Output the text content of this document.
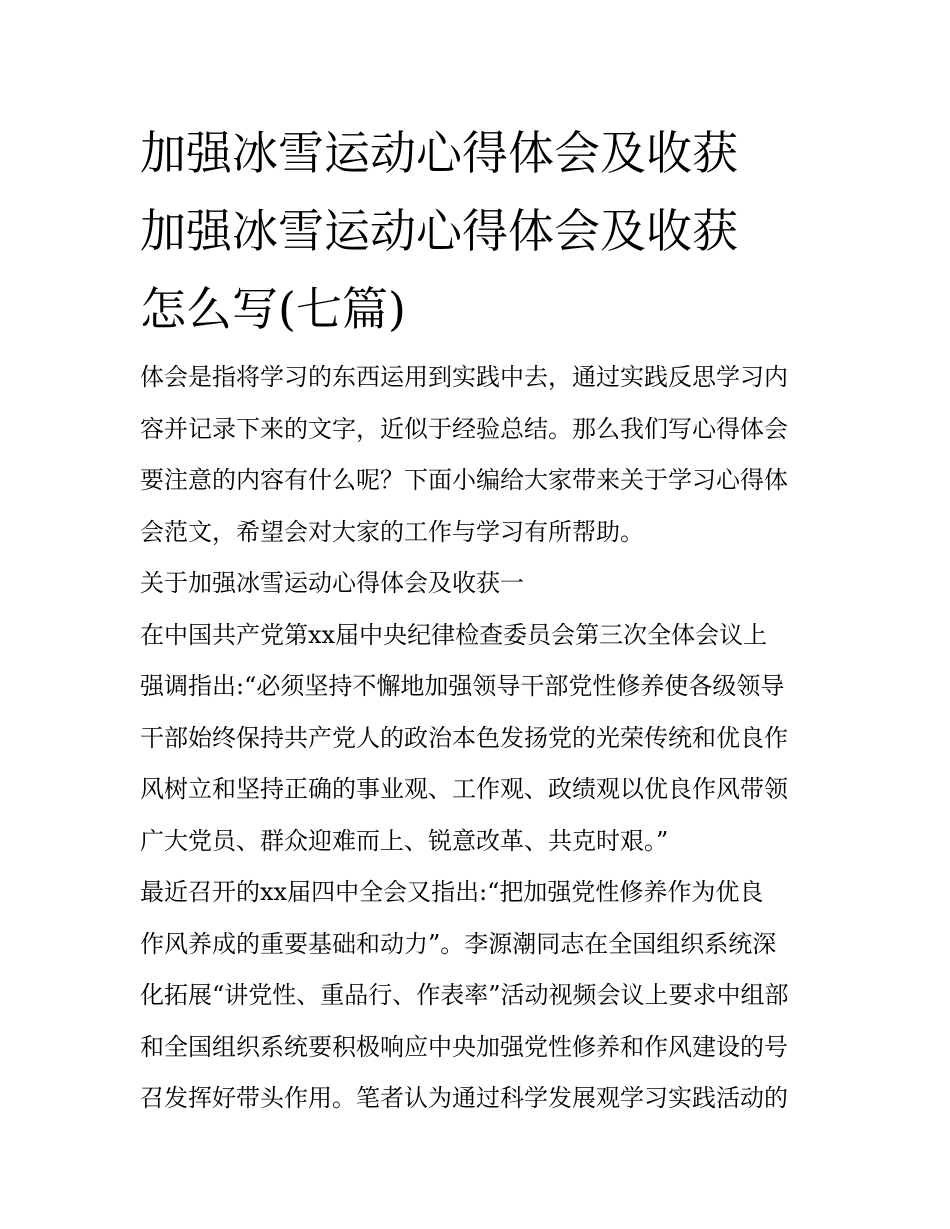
加强冰雪运动心得体会及收获
加强冰雪运动心得体会及收获
怎么写(七篇)
体会是指将学习的东西运用到实践中去，通过实践反思学习内
容并记录下来的文字，近似于经验总结。那么我们写心得体会
要注意的内容有什么呢？下面小编给大家带来关于学习心得体
会范文，希望会对大家的工作与学习有所帮助。
关于加强冰雪运动心得体会及收获一
在中国共产党第xx届中央纪律检查委员会第三次全体会议上
强调指出:“必须坚持不懈地加强领导干部党性修养使各级领导
干部始终保持共产党人的政治本色发扬党的光荣传统和优良作
风树立和坚持正确的事业观、工作观、政绩观以优良作风带领
广大党员、群众迎难而上、锐意改革、共克时艰。”
最近召开的xx届四中全会又指出:“把加强党性修养作为优良
作风养成的重要基础和动力”。李源潮同志在全国组织系统深
化拓展“讲党性、重品行、作表率”活动视频会议上要求中组部
和全国组织系统要积极响应中央加强党性修养和作风建设的号
召发挥好带头作用。笔者认为通过科学发展观学习实践活动的
